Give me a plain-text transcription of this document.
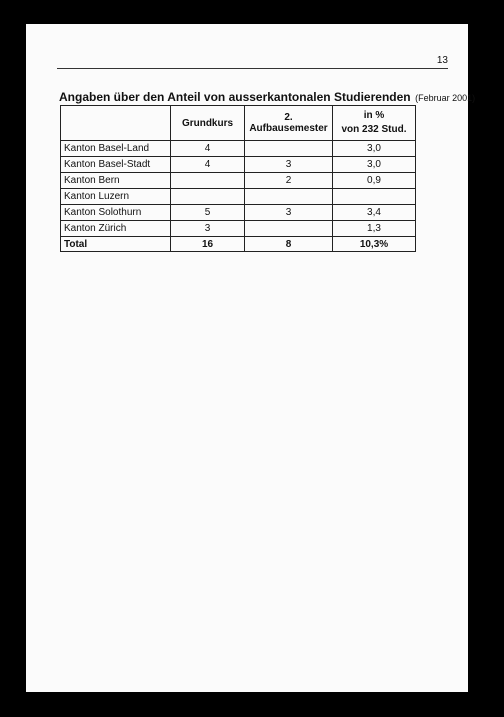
13
Angaben über den Anteil von ausserkantonalen Studierenden (Februar 2001)
	Grundkurs	2. Aufbausemester	in %
von 232 Stud.

Kanton Basel-Land	4		3,0
Kanton Basel-Stadt	4	3	3,0
Kanton Bern		2	0,9
Kanton Luzern			
Kanton Solothurn	5	3	3,4
Kanton Zürich	3		1,3
Total	16	8	10,3%
